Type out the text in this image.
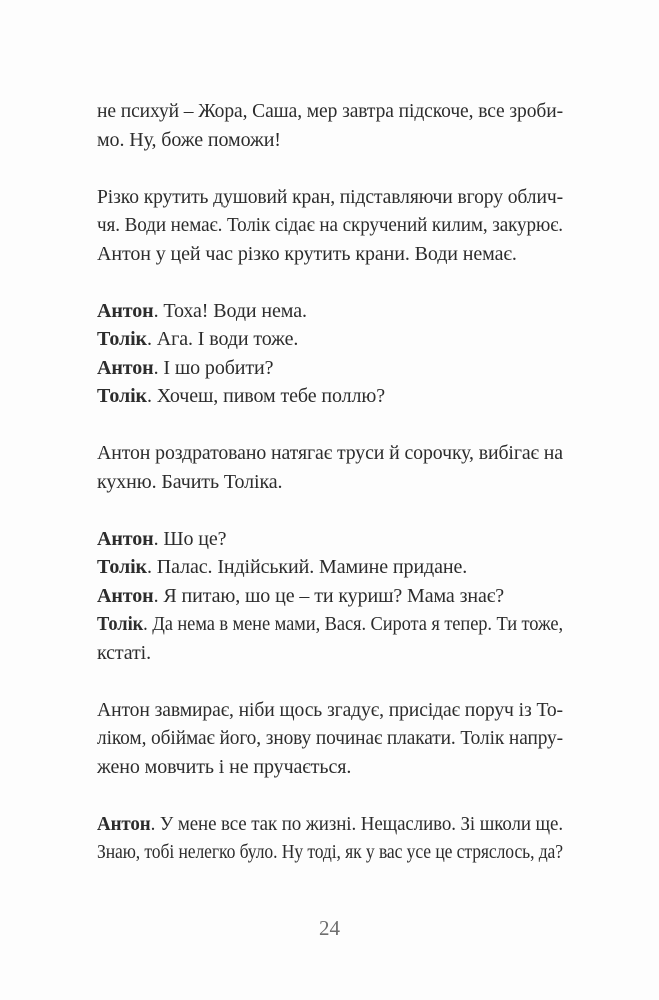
не психуй – Жора, Саша, мер завтра підскоче, все зроби-
мо. Ну, боже поможи!
Різко крутить душовий кран, підставляючи вгору облич-
чя. Води немає. Толік сідає на скручений килим, закурює.
Антон у цей час різко крутить крани. Води немає.
Антон. Тоха! Води нема.
Толік. Ага. І води тоже.
Антон. І шо робити?
Толік. Хочеш, пивом тебе поллю?
Антон роздратовано натягає труси й сорочку, вибігає на
кухню. Бачить Толіка.
Антон. Шо це?
Толік. Палас. Індійський. Мамине придане.
Антон. Я питаю, шо це – ти куриш? Мама знає?
Толік. Да нема в мене мами, Вася. Сирота я тепер. Ти тоже,
кстаті.
Антон завмирає, ніби щось згадує, присідає поруч із То-
ліком, обіймає його, знову починає плакати. Толік напру-
жено мовчить і не пручається.
Антон. У мене все так по жизні. Нещасливо. Зі школи ще.
Знаю, тобі нелегко було. Ну тоді, як у вас усе це стряслось, да?
24
